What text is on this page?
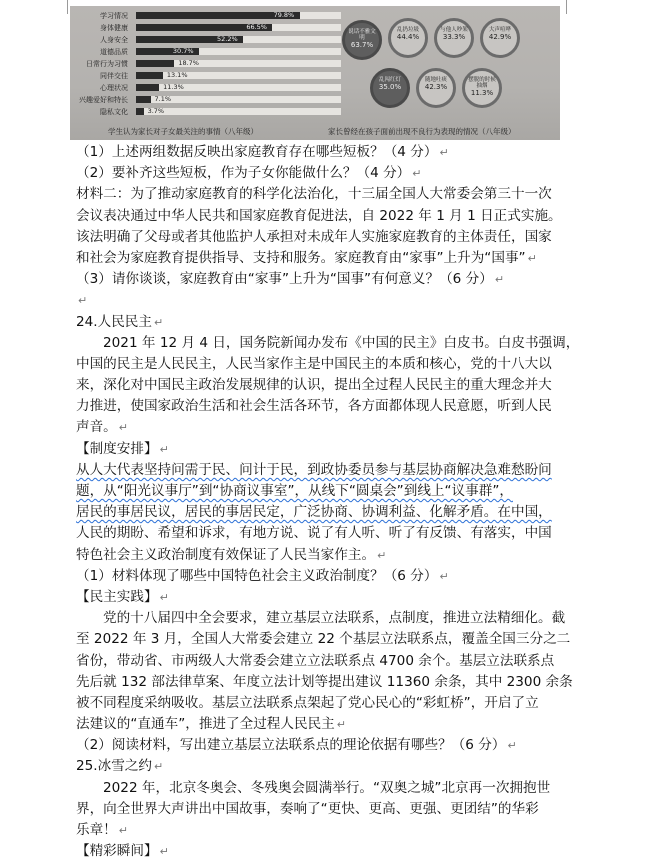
学习情况	79.8%
身体健康	66.5%
人身安全	52.2%
道德品质	30.7%
日常行为习惯	18.7%
同伴交往	13.1%
心理状况	11.3%
兴趣爱好和特长	7.1%
隐私文化	3.7%
说话不雅文明
63.7%
乱扔垃圾
44.4%
与他人吵架
33.3%
大声喧哗
42.9%
乱闯红灯
35.0%
随地吐痰
42.3%
摆脱的时候抽烟
11.3%
学生认为家长对子女最关注的事情（八年级）	家长曾经在孩子面前出现不良行为表现的情况（八年级）
（1）上述两组数据反映出家庭教育存在哪些短板？（4 分） ↵
（2）要补齐这些短板，作为子女你能做什么？（4 分） ↵
材料二：为了推动家庭教育的科学化法治化，十三届全国人大常委会第三十一次
会议表决通过中华人民共和国家庭教育促进法，自 2022 年 1 月 1 日正式实施。
该法明确了父母或者其他监护人承担对未成年人实施家庭教育的主体责任，国家
和社会为家庭教育提供指导、支持和服务。家庭教育由“家事”上升为“国事” ↵
（3）请你谈谈，家庭教育由“家事”上升为“国事”有何意义？（6 分） ↵
↵
24.人民民主 ↵
2021 年 12 月 4 日，国务院新闻办发布《中国的民主》白皮书。白皮书强调，
中国的民主是人民民主，人民当家作主是中国民主的本质和核心，党的十八大以
来，深化对中国民主政治发展规律的认识，提出全过程人民民主的重大理念并大
力推进，使国家政治生活和社会生活各环节，各方面都体现人民意愿，听到人民
声音。 ↵
【制度安排】 ↵
从人大代表坚持问需于民、问计于民，到政协委员参与基层协商解决急难愁盼问
题，从“阳光议事厅”到“协商议事室”，从线下“圆桌会”到线上“议事群”，
居民的事居民议，居民的事居民定，广泛协商、协调利益、化解矛盾。在中国，
人民的期盼、希望和诉求，有地方说、说了有人听、听了有反馈、有落实，中国
特色社会主义政治制度有效保证了人民当家作主。 ↵
（1）材料体现了哪些中国特色社会主义政治制度？（6 分） ↵
【民主实践】 ↵
党的十八届四中全会要求，建立基层立法联系，点制度，推进立法精细化。截
至 2022 年 3 月，全国人大常委会建立 22 个基层立法联系点，覆盖全国三分之二
省份，带动省、市两级人大常委会建立立法联系点 4700 余个。基层立法联系点
先后就 132 部法律草案、年度立法计划等提出建议 11360 余条，其中 2300 余条
被不同程度采纳吸收。基层立法联系点架起了党心民心的“彩虹桥”，开启了立
法建议的“直通车”，推进了全过程人民民主 ↵
（2）阅读材料，写出建立基层立法联系点的理论依据有哪些？（6 分） ↵
25.冰雪之约 ↵
2022 年，北京冬奥会、冬残奥会圆满举行。“双奥之城”北京再一次拥抱世
界，向全世界大声讲出中国故事，奏响了“更快、更高、更强、更团结”的华彩
乐章！ ↵
【精彩瞬间】 ↵
